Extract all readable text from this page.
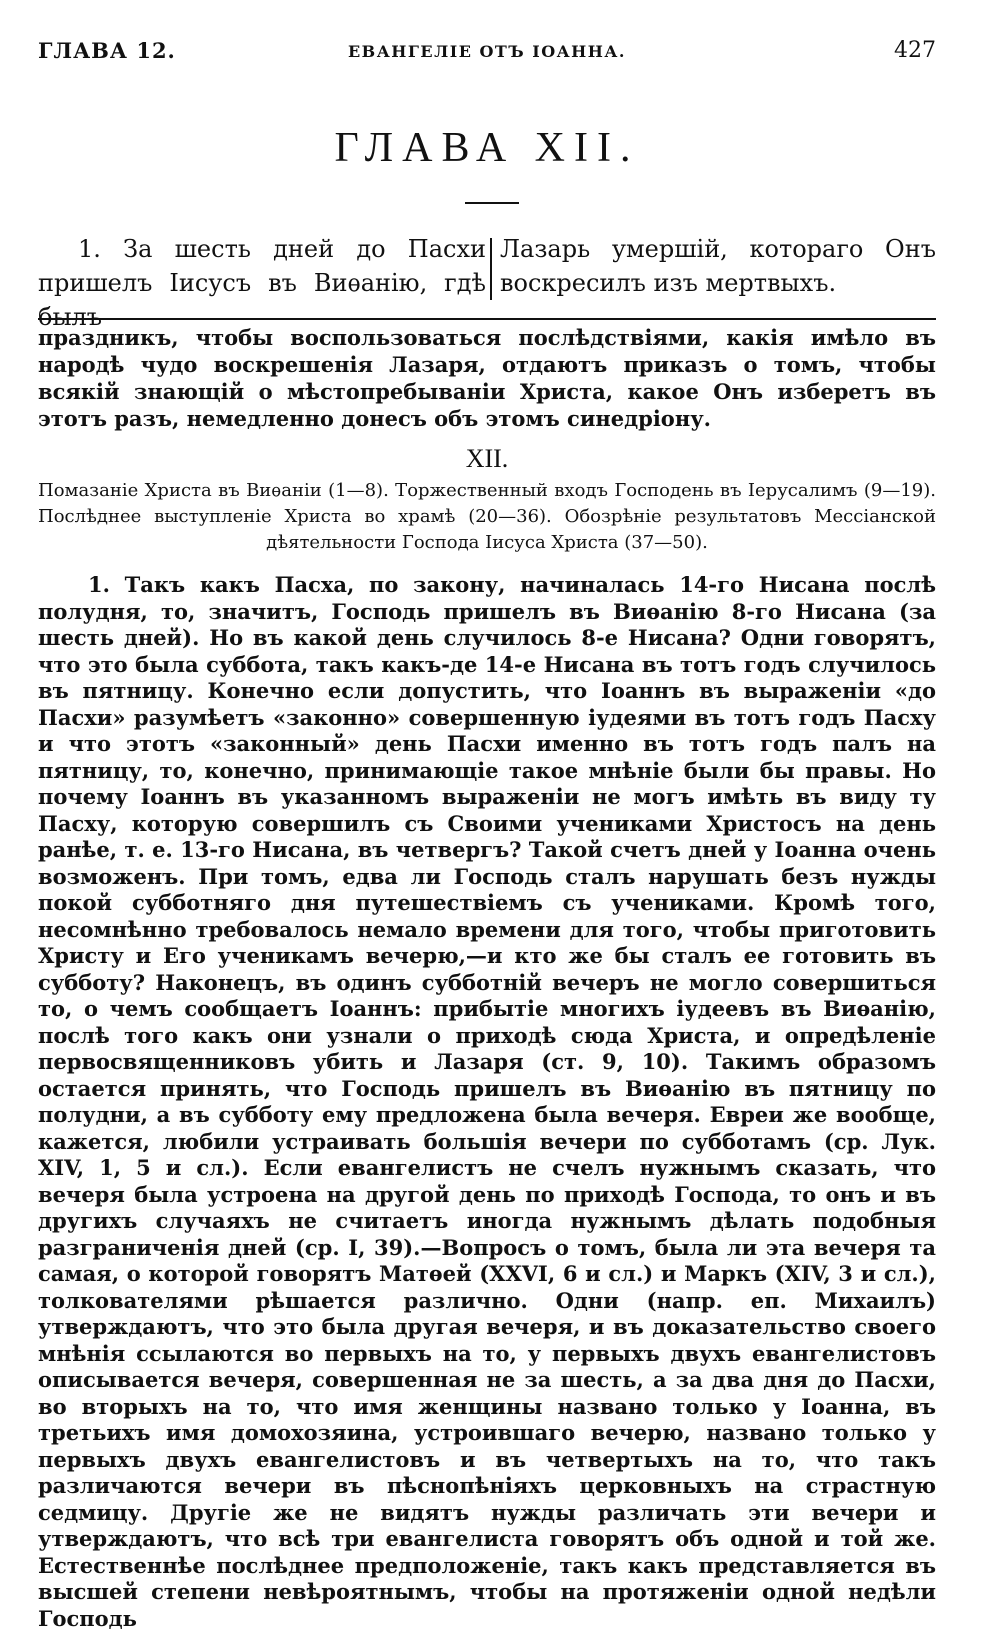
ГЛАВА 12.	ЕВАНГЕЛІЕ ОТЪ ІОАННА.	427
ГЛАВА XII.
1. За шесть дней до Пасхи пришелъ Іисусъ въ Виѳанію, гдѣ былъ
Лазарь умершій, котораго Онъ воскресилъ изъ мертвыхъ.
праздникъ, чтобы воспользоваться послѣдствіями, какія имѣло въ народѣ чудо воскрешенія Лазаря, отдаютъ приказъ о томъ, чтобы всякій знающій о мѣстопребываніи Христа, какое Онъ изберетъ въ этотъ разъ, немедленно донесъ объ этомъ синедріону.
XII.
Помазаніе Христа въ Виѳаніи (1—8). Торжественный входъ Господень въ Іерусалимъ (9—19). Послѣднее выступленіе Христа во храмѣ (20—36). Обозрѣніе результатовъ Мессіанской дѣятельности Господа Іисуса Христа (37—50).

1. Такъ какъ Пасха, по закону, начиналась 14-го Нисана послѣ полудня, то, значитъ, Господь пришелъ въ Виѳанію 8-го Нисана (за шесть дней). Но въ какой день случилось 8-е Нисана? Одни говорятъ, что это была суббота, такъ какъ-де 14-е Нисана въ тотъ годъ случилось въ пятницу. Конечно если допустить, что Іоаннъ въ выраженіи «до Пасхи» разумѣетъ «законно» совершенную іудеями въ тотъ годъ Пасху и что этотъ «законный» день Пасхи именно въ тотъ годъ палъ на пятницу, то, конечно, принимающіе такое мнѣніе были бы правы. Но почему Іоаннъ въ указанномъ выраженіи не могъ имѣть въ виду ту Пасху, которую совершилъ съ Своими учениками Христосъ на день ранѣе, т. е. 13-го Нисана, въ четвергъ? Такой счетъ дней у Іоанна очень возможенъ. При томъ, едва ли Господь сталъ нарушать безъ нужды покой субботняго дня путешествіемъ съ учениками. Кромѣ того, несомнѣнно требовалось немало времени для того, чтобы приготовить Христу и Его ученикамъ вечерю,—и кто же бы сталъ ее готовить въ субботу? Наконецъ, въ одинъ субботній вечеръ не могло совершиться то, о чемъ сообщаетъ Іоаннъ: прибытіе многихъ іудеевъ въ Виѳанію, послѣ того какъ они узнали о приходѣ сюда Христа, и опредѣленіе первосвященниковъ убить и Лазаря (ст. 9, 10). Такимъ образомъ остается принять, что Господь пришелъ въ Виѳанію въ пятницу по полудни, а въ субботу ему предложена была вечеря. Евреи же вообще, кажется, любили устраивать большія вечери по субботамъ (ср. Лук. XIV, 1, 5 и сл.). Если евангелистъ не счелъ нужнымъ сказать, что вечеря была устроена на другой день по приходѣ Господа, то онъ и въ другихъ случаяхъ не считаетъ иногда нужнымъ дѣлать подобныя разграниченія дней (ср. I, 39).—Вопросъ о томъ, была ли эта вечеря та самая, о которой говорятъ Матѳей (XXVI, 6 и сл.) и Маркъ (XIV, 3 и сл.), толкователями рѣшается различно. Одни (напр. еп. Михаилъ) утверждаютъ, что это была другая вечеря, и въ доказательство своего мнѣнія ссылаются во первыхъ на то, у первыхъ двухъ евангелистовъ описывается вечеря, совершенная не за шесть, а за два дня до Пасхи, во вторыхъ на то, что имя женщины названо только у Іоанна, въ третьихъ имя домохозяина, устроившаго вечерю, названо только у первыхъ двухъ евангелистовъ и въ четвертыхъ на то, что такъ различаются вечери въ пѣснопѣніяхъ церковныхъ на страстную седмицу. Другіе же не видятъ нужды различать эти вечери и утверждаютъ, что всѣ три евангелиста говорятъ объ одной и той же. Естественнѣе послѣднее предположеніе, такъ какъ представляется въ высшей степени невѣроятнымъ, чтобы на протяженіи одной недѣли Господь
